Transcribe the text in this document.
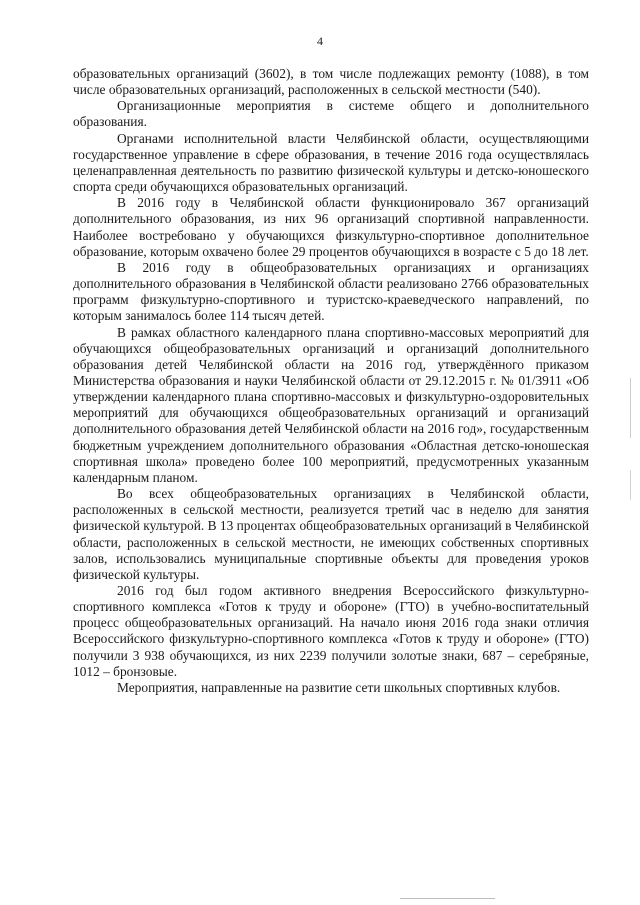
4

образовательных организаций (3602), в том числе подлежащих ремонту (1088), в том числе образовательных организаций, расположенных в сельской местности (540).

Организационные мероприятия в системе общего и дополнительного образования.

Органами исполнительной власти Челябинской области, осуществляющими государственное управление в сфере образования, в течение 2016 года осуществлялась целенаправленная деятельность по развитию физической культуры и детско-юношеского спорта среди обучающихся образовательных организаций.

В 2016 году в Челябинской области функционировало 367 организаций дополнительного образования, из них 96 организаций спортивной направленности. Наиболее востребовано у обучающихся физкультурно-спортивное дополнительное образование, которым охвачено более 29 процентов обучающихся в возрасте с 5 до 18 лет.

В 2016 году в общеобразовательных организациях и организациях дополнительного образования в Челябинской области реализовано 2766 образовательных программ физкультурно-спортивного и туристско-краеведческого направлений, по которым занималось более 114 тысяч детей.

В рамках областного календарного плана спортивно-массовых мероприятий для обучающихся общеобразовательных организаций и организаций дополнительного образования детей Челябинской области на 2016 год, утверждённого приказом Министерства образования и науки Челябинской области от 29.12.2015 г. № 01/3911 «Об утверждении календарного плана спортивно-массовых и физкультурно-оздоровительных мероприятий для обучающихся общеобразовательных организаций и организаций дополнительного образования детей Челябинской области на 2016 год», государственным бюджетным учреждением дополнительного образования «Областная детско-юношеская спортивная школа» проведено более 100 мероприятий, предусмотренных указанным календарным планом.

Во всех общеобразовательных организациях в Челябинской области, расположенных в сельской местности, реализуется третий час в неделю для занятия физической культурой. В 13 процентах общеобразовательных организаций в Челябинской области, расположенных в сельской местности, не имеющих собственных спортивных залов, использовались муниципальные спортивные объекты для проведения уроков физической культуры.

2016 год был годом активного внедрения Всероссийского физкультурно-спортивного комплекса «Готов к труду и обороне» (ГТО) в учебно-воспитательный процесс общеобразовательных организаций. На начало июня 2016 года знаки отличия Всероссийского физкультурно-спортивного комплекса «Готов к труду и обороне» (ГТО) получили 3 938 обучающихся, из них 2239 получили золотые знаки, 687 – серебряные, 1012 – бронзовые.

Мероприятия, направленные на развитие сети школьных спортивных клубов.
